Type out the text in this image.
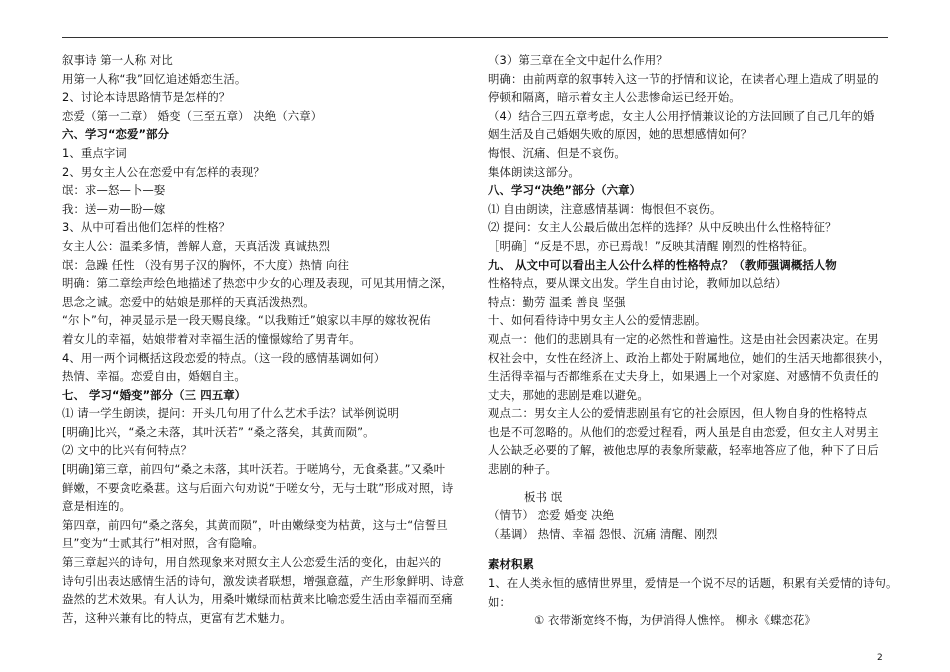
叙事诗 第一人称 对比
用第一人称“我”回忆追述婚恋生活。
2、讨论本诗思路情节是怎样的？
恋爱（第一二章） 婚变（三至五章） 决绝（六章）
六、学习“恋爱”部分
1、重点字词
2、男女主人公在恋爱中有怎样的表现？
氓：求—怒—卜—娶
我：送—劝—盼—嫁
3、从中可看出他们怎样的性格？
女主人公：温柔多情，善解人意，天真活泼 真诚热烈
氓：急躁 任性 （没有男子汉的胸怀，不大度）热情 向往
明确：第二章绘声绘色地描述了热恋中少女的心理及表现，可见其用情之深，
思念之诚。恋爱中的姑娘是那样的天真活泼热烈。
“尔卜”句，神灵显示是一段天赐良缘。“以我贿迁”娘家以丰厚的嫁妆祝佑
着女儿的幸福，姑娘带着对幸福生活的憧憬嫁给了男青年。
4、用一两个词概括这段恋爱的特点。（这一段的感情基调如何）
热情、幸福。恋爱自由，婚姻自主。
七、 学习“婚变”部分（三 四五章）
⑴ 请一学生朗读，提问：开头几句用了什么艺术手法？试举例说明
[明确]比兴，“桑之未落，其叶沃若” “桑之落矣，其黄而陨”。
⑵ 文中的比兴有何特点？
[明确]第三章，前四句“桑之未落，其叶沃若。于嗟鸠兮，无食桑葚。”又桑叶
鲜嫩，不要贪吃桑葚。这与后面六句劝说“于嗟女兮，无与士耽”形成对照，诗
意是相连的。
第四章，前四句“桑之落矣，其黄而陨”，叶由嫩绿变为枯黄，这与士“信誓旦
旦”变为“士贰其行”相对照，含有隐喻。
第三章起兴的诗句，用自然现象来对照女主人公恋爱生活的变化，由起兴的
诗句引出表达感情生活的诗句，激发读者联想，增强意蕴，产生形象鲜明、诗意
盎然的艺术效果。有人认为，用桑叶嫩绿而枯黄来比喻恋爱生活由幸福而至痛
苦，这种兴兼有比的特点，更富有艺术魅力。
（3）第三章在全文中起什么作用？
明确：由前两章的叙事转入这一节的抒情和议论，在读者心理上造成了明显的
停顿和隔离，暗示着女主人公悲惨命运已经开始。
（4）结合三四五章考虑，女主人公用抒情兼议论的方法回顾了自己几年的婚
姻生活及自己婚姻失败的原因，她的思想感情如何？
悔恨、沉痛、但是不哀伤。
集体朗读这部分。
八、学习“决绝”部分（六章）
⑴ 自由朗读，注意感情基调：悔恨但不哀伤。
⑵ 提问：女主人公最后做出怎样的选择？从中反映出什么性格特征？
［明确］“反是不思，亦已焉哉！”反映其清醒 刚烈的性格特征。
九、 从文中可以看出主人公什么样的性格特点？（教师强调概括人物
性格特点，要从课文出发。学生自由讨论，教师加以总结）
特点：勤劳 温柔 善良 坚强
十、如何看待诗中男女主人公的爱情悲剧。
观点一：他们的悲剧具有一定的必然性和普遍性。这是由社会因素决定。在男
权社会中，女性在经济上、政治上都处于附属地位，她们的生活天地都很狭小，
生活得幸福与否都维系在丈夫身上，如果遇上一个对家庭、对感情不负责任的
丈夫，那她的悲剧是难以避免。
观点二：男女主人公的爱情悲剧虽有它的社会原因，但人物自身的性格特点
也是不可忽略的。从他们的恋爱过程看，两人虽是自由恋爱，但女主人对男主
人公缺乏必要的了解，被他忠厚的表象所蒙蔽，轻率地答应了他，种下了日后
悲剧的种子。
板书 氓
（情节） 恋爱 婚变 决绝
（基调） 热情、幸福 怨恨、沉痛 清醒、刚烈
素材积累
1、在人类永恒的感情世界里，爱情是一个说不尽的话题，积累有关爱情的诗句。
如：
① 衣带渐宽终不悔，为伊消得人憔悴。 柳永《蝶恋花》
2
